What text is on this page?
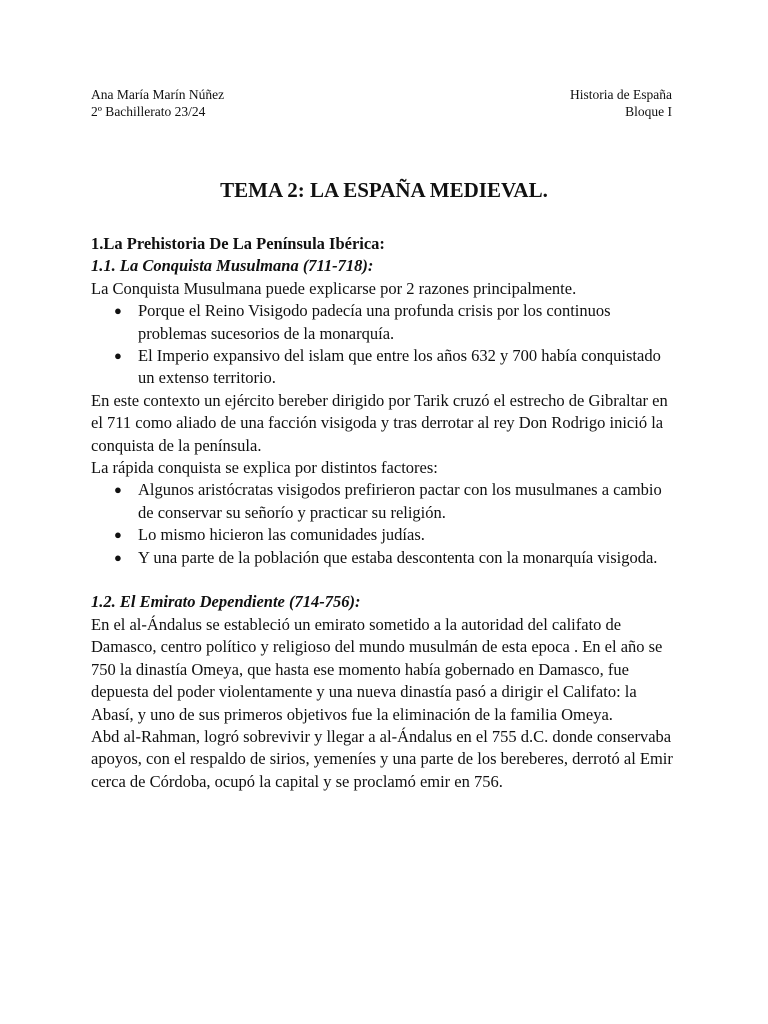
Ana María Marín Núñez	Historia de España
2º Bachillerato 23/24	Bloque I
TEMA 2: LA ESPAÑA MEDIEVAL.

1.La Prehistoria De La Península Ibérica:

1.1. La Conquista Musulmana (711-718):

La Conquista Musulmana puede explicarse por 2 razones principalmente.

● Porque el Reino Visigodo padecía una profunda crisis por los continuos problemas sucesorios de la monarquía.
● El Imperio expansivo del islam que entre los años 632 y 700 había conquistado un extenso territorio.

En este contexto un ejército bereber dirigido por Tarik cruzó el estrecho de Gibraltar en el 711 como aliado de una facción visigoda y tras derrotar al rey Don Rodrigo inició la conquista de la península.

La rápida conquista se explica por distintos factores:

● Algunos aristócratas visigodos prefirieron pactar con los musulmanes a cambio de conservar su señorío y practicar su religión.
● Lo mismo hicieron las comunidades judías.
● Y una parte de la población que estaba descontenta con la monarquía visigoda.

1.2. El Emirato Dependiente (714-756):

En el al-Ándalus se estableció un emirato sometido a la autoridad del califato de Damasco, centro político y religioso del mundo musulmán de esta epoca . En el año se 750 la dinastía Omeya, que hasta ese momento había gobernado en Damasco, fue depuesta del poder violentamente y una nueva dinastía pasó a dirigir el Califato: la Abasí, y uno de sus primeros objetivos fue la eliminación de la familia Omeya.

Abd al-Rahman, logró sobrevivir y llegar a al-Ándalus en el 755 d.C. donde conservaba apoyos, con el respaldo de sirios, yemeníes y una parte de los bereberes, derrotó al Emir cerca de Córdoba, ocupó la capital y se proclamó emir en 756.
